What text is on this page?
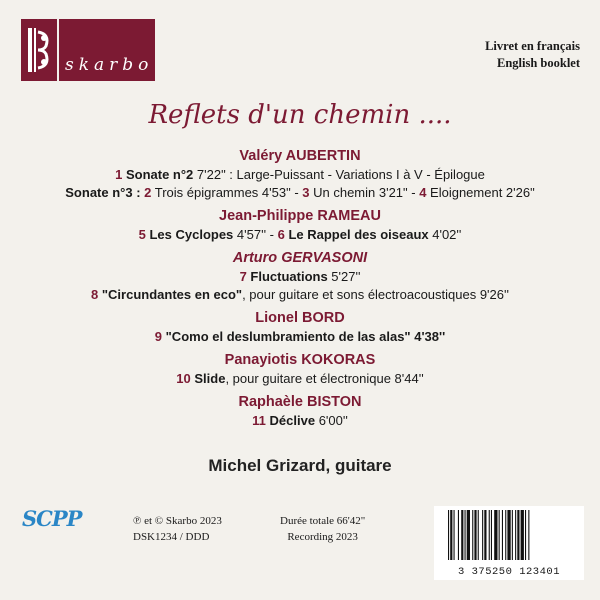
skarbo
Livret en français
English booklet
Reflets d'un chemin ....
Valéry AUBERTIN
1 Sonate n°2 7'22" : Large-Puissant - Variations I à V - Épilogue
Sonate n°3 : 2 Trois épigrammes 4'53" - 3 Un chemin 3'21" - 4 Eloignement 2'26"
Jean-Philippe RAMEAU
5 Les Cyclopes 4'57'' - 6 Le Rappel des oiseaux 4'02''
Arturo GERVASONI
7 Fluctuations 5'27''
8 "Circundantes en eco", pour guitare et sons électroacoustiques 9'26''
Lionel BORD
9 "Como el deslumbramiento de las alas" 4'38''
Panayiotis KOKORAS
10 Slide, pour guitare et électronique 8'44''
Raphaèle BISTON
11 Déclive 6'00''
Michel Grizard, guitare
SCPP	℗ et © Skarbo 2023
DSK1234 / DDD
Durée totale 66'42"
Recording 2023
3 375250 123401
